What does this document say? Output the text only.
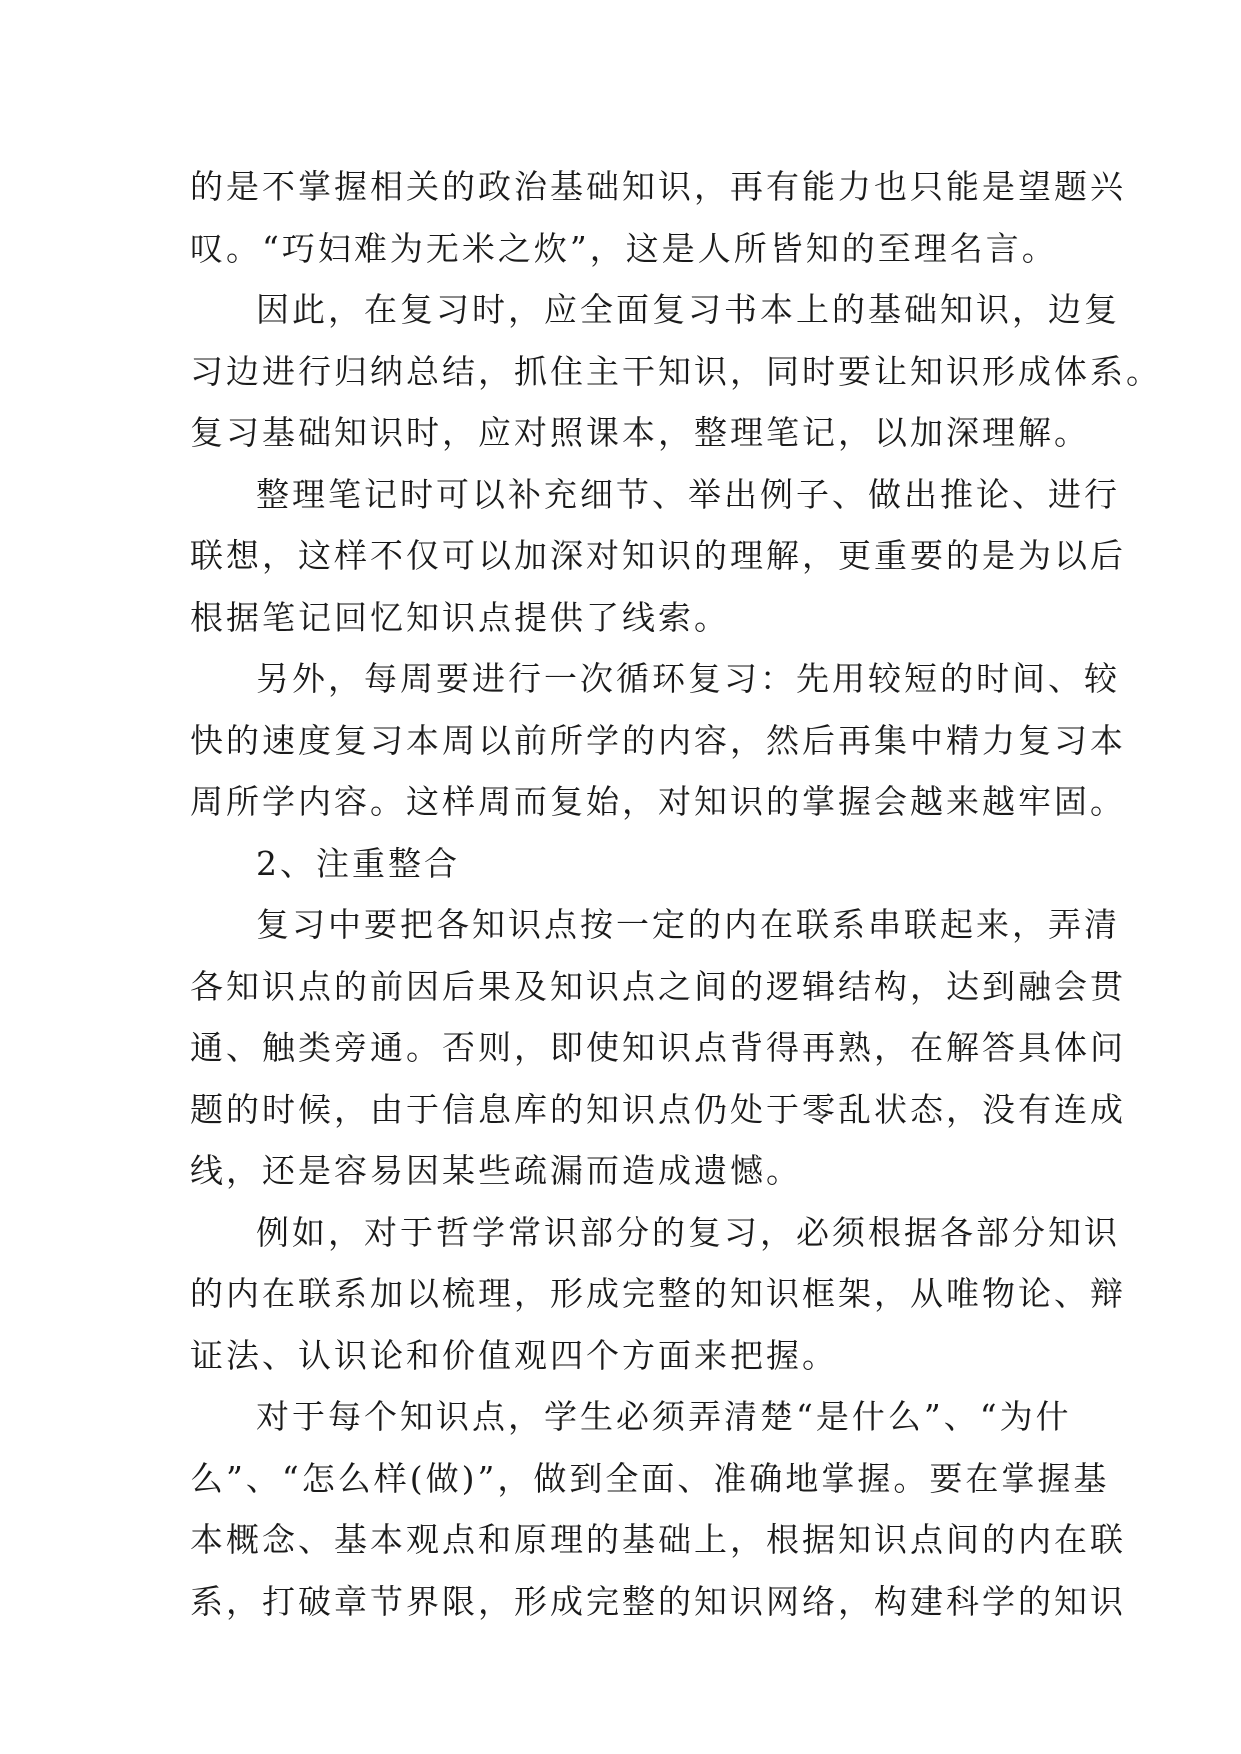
的是不掌握相关的政治基础知识，再有能力也只能是望题兴
叹。“巧妇难为无米之炊”，这是人所皆知的至理名言。
因此，在复习时，应全面复习书本上的基础知识，边复
习边进行归纳总结，抓住主干知识，同时要让知识形成体系。
复习基础知识时，应对照课本，整理笔记，以加深理解。
整理笔记时可以补充细节、举出例子、做出推论、进行
联想，这样不仅可以加深对知识的理解，更重要的是为以后
根据笔记回忆知识点提供了线索。
另外，每周要进行一次循环复习：先用较短的时间、较
快的速度复习本周以前所学的内容，然后再集中精力复习本
周所学内容。这样周而复始，对知识的掌握会越来越牢固。
2、注重整合
复习中要把各知识点按一定的内在联系串联起来，弄清
各知识点的前因后果及知识点之间的逻辑结构，达到融会贯
通、触类旁通。否则，即使知识点背得再熟，在解答具体问
题的时候，由于信息库的知识点仍处于零乱状态，没有连成
线，还是容易因某些疏漏而造成遗憾。
例如，对于哲学常识部分的复习，必须根据各部分知识
的内在联系加以梳理，形成完整的知识框架，从唯物论、辩
证法、认识论和价值观四个方面来把握。
对于每个知识点，学生必须弄清楚“是什么”、“为什
么”、“怎么样(做)”，做到全面、准确地掌握。要在掌握基
本概念、基本观点和原理的基础上，根据知识点间的内在联
系，打破章节界限，形成完整的知识网络，构建科学的知识
